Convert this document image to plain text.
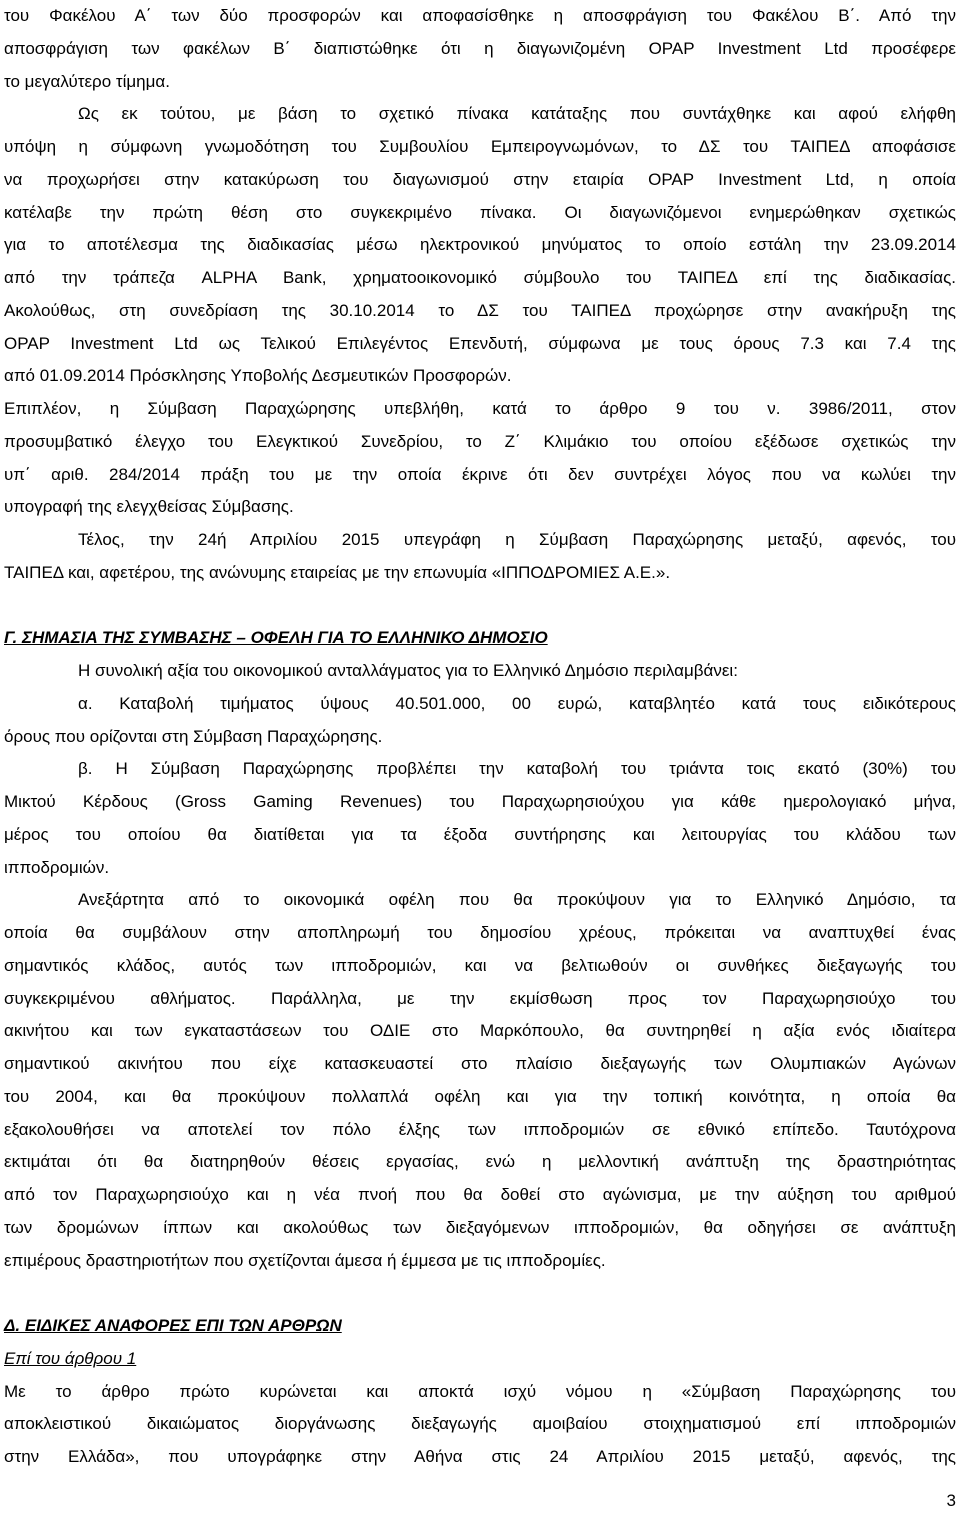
του Φακέλου Α΄ των δύο προσφορών και αποφασίσθηκε η αποσφράγιση του Φακέλου Β΄. Από την
αποσφράγιση των φακέλων Β΄ διαπιστώθηκε ότι η διαγωνιζομένη OPAP Investment Ltd προσέφερε
το μεγαλύτερο τίμημα.
Ως εκ τούτου, με βάση το σχετικό πίνακα κατάταξης που συντάχθηκε και αφού ελήφθη
υπόψη η σύμφωνη γνωμοδότηση του Συμβουλίου Εμπειρογνωμόνων, το ΔΣ του ΤΑΙΠΕΔ αποφάσισε
να προχωρήσει στην κατακύρωση του διαγωνισμού στην εταιρία OPAP Investment Ltd, η οποία
κατέλαβε την πρώτη θέση στο συγκεκριμένο πίνακα. Οι διαγωνιζόμενοι ενημερώθηκαν σχετικώς
για το αποτέλεσμα της διαδικασίας μέσω ηλεκτρονικού μηνύματος το οποίο εστάλη την 23.09.2014
από την τράπεζα ALPHA Bank, χρηματοοικονομικό σύμβουλο του ΤΑΙΠΕΔ επί της διαδικασίας.
Ακολούθως, στη συνεδρίαση της 30.10.2014 το ΔΣ του ΤΑΙΠΕΔ προχώρησε στην ανακήρυξη της
OPAP Investment Ltd ως Τελικού Επιλεγέντος Επενδυτή, σύμφωνα με τους όρους 7.3 και 7.4 της
από 01.09.2014 Πρόσκλησης Υποβολής Δεσμευτικών Προσφορών.
Επιπλέον, η Σύμβαση Παραχώρησης υπεβλήθη, κατά το άρθρο 9 του ν. 3986/2011, στον
προσυμβατικό έλεγχο του Ελεγκτικού Συνεδρίου, το Ζ΄ Κλιμάκιο του οποίου εξέδωσε σχετικώς την
υπ΄ αριθ. 284/2014 πράξη του με την οποία έκρινε ότι δεν συντρέχει λόγος που να κωλύει την
υπογραφή της ελεγχθείσας Σύμβασης.
Τέλος, την 24ή Απριλίου 2015 υπεγράφη η Σύμβαση Παραχώρησης μεταξύ, αφενός, του
ΤΑΙΠΕΔ και, αφετέρου, της ανώνυμης εταιρείας με την επωνυμία «ΙΠΠΟΔΡΟΜΙΕΣ Α.Ε.».
Γ. ΣΗΜΑΣΙΑ ΤΗΣ ΣΥΜΒΑΣΗΣ – ΟΦΕΛΗ ΓΙΑ ΤΟ ΕΛΛΗΝΙΚΟ ΔΗΜΟΣΙΟ
Η συνολική αξία του οικονομικού ανταλλάγματος για το Ελληνικό Δημόσιο περιλαμβάνει:
α. Καταβολή τιμήματος ύψους 40.501.000, 00 ευρώ, καταβλητέο κατά τους ειδικότερους
όρους που ορίζονται στη Σύμβαση Παραχώρησης.
β. Η Σύμβαση Παραχώρησης προβλέπει την καταβολή του τριάντα τοις εκατό (30%) του
Μικτού Κέρδους (Gross Gaming Revenues) του Παραχωρησιούχου για κάθε ημερολογιακό μήνα,
μέρος του οποίου θα διατίθεται για τα έξοδα συντήρησης και λειτουργίας του κλάδου των
ιπποδρομιών.
Ανεξάρτητα από το οικονομικά οφέλη που θα προκύψουν για το Ελληνικό Δημόσιο, τα
οποία θα συμβάλουν στην αποπληρωμή του δημοσίου χρέους, πρόκειται να αναπτυχθεί ένας
σημαντικός κλάδος, αυτός των ιπποδρομιών, και να βελτιωθούν οι συνθήκες διεξαγωγής του
συγκεκριμένου αθλήματος. Παράλληλα, με την εκμίσθωση προς τον Παραχωρησιούχο του
ακινήτου και των εγκαταστάσεων του ΟΔΙΕ στο Μαρκόπουλο, θα συντηρηθεί η αξία ενός ιδιαίτερα
σημαντικού ακινήτου που είχε κατασκευαστεί στο πλαίσιο διεξαγωγής των Ολυμπιακών Αγώνων
του 2004, και θα προκύψουν πολλαπλά οφέλη και για την τοπική κοινότητα, η οποία θα
εξακολουθήσει να αποτελεί τον πόλο έλξης των ιπποδρομιών σε εθνικό επίπεδο. Ταυτόχρονα
εκτιμάται ότι θα διατηρηθούν θέσεις εργασίας, ενώ η μελλοντική ανάπτυξη της δραστηριότητας
από τον Παραχωρησιούχο και η νέα πνοή που θα δοθεί στο αγώνισμα, με την αύξηση του αριθμού
των δρομώνων ίππων και ακολούθως των διεξαγόμενων ιπποδρομιών, θα οδηγήσει σε ανάπτυξη
επιμέρους δραστηριοτήτων που σχετίζονται άμεσα ή έμμεσα με τις ιπποδρομίες.
Δ. ΕΙΔΙΚΕΣ ΑΝΑΦΟΡΕΣ ΕΠΙ ΤΩΝ ΑΡΘΡΩΝ
Επί του άρθρου 1
Με το άρθρο πρώτο κυρώνεται και αποκτά ισχύ νόμου η «Σύμβαση Παραχώρησης του
αποκλειστικού δικαιώματος διοργάνωσης διεξαγωγής αμοιβαίου στοιχηματισμού επί ιπποδρομιών
στην Ελλάδα», που υπογράφηκε στην Αθήνα στις 24 Απριλίου 2015 μεταξύ, αφενός, της
3
